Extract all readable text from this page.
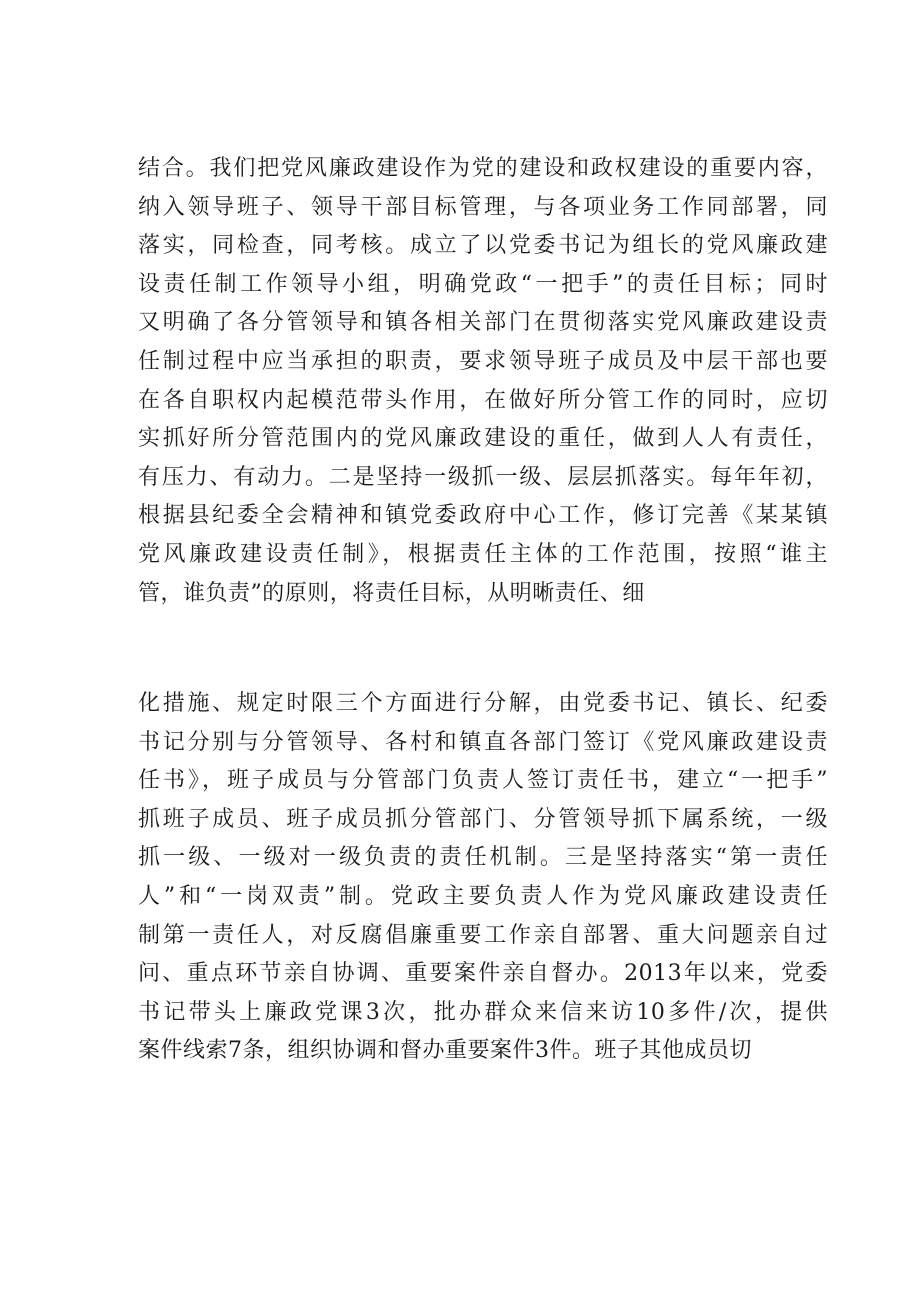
结合。我们把党风廉政建设作为党的建设和政权建设的重要内容，
纳入领导班子、领导干部目标管理，与各项业务工作同部署，同
落实，同检查，同考核。成立了以党委书记为组长的党风廉政建
设责任制工作领导小组，明确党政“一把手”的责任目标；同时
又明确了各分管领导和镇各相关部门在贯彻落实党风廉政建设责
任制过程中应当承担的职责，要求领导班子成员及中层干部也要
在各自职权内起模范带头作用，在做好所分管工作的同时，应切
实抓好所分管范围内的党风廉政建设的重任，做到人人有责任，
有压力、有动力。二是坚持一级抓一级、层层抓落实。每年年初，
根据县纪委全会精神和镇党委政府中心工作，修订完善《某某镇
党风廉政建设责任制》，根据责任主体的工作范围，按照“谁主
管，谁负责”的原则，将责任目标，从明晰责任、细
化措施、规定时限三个方面进行分解，由党委书记、镇长、纪委
书记分别与分管领导、各村和镇直各部门签订《党风廉政建设责
任书》，班子成员与分管部门负责人签订责任书，建立“一把手”
抓班子成员、班子成员抓分管部门、分管领导抓下属系统，一级
抓一级、一级对一级负责的责任机制。三是坚持落实“第一责任
人”和“一岗双责”制。党政主要负责人作为党风廉政建设责任
制第一责任人，对反腐倡廉重要工作亲自部署、重大问题亲自过
问、重点环节亲自协调、重要案件亲自督办。2013年以来，党委
书记带头上廉政党课3次，批办群众来信来访10多件/次，提供
案件线索7条，组织协调和督办重要案件3件。班子其他成员切
